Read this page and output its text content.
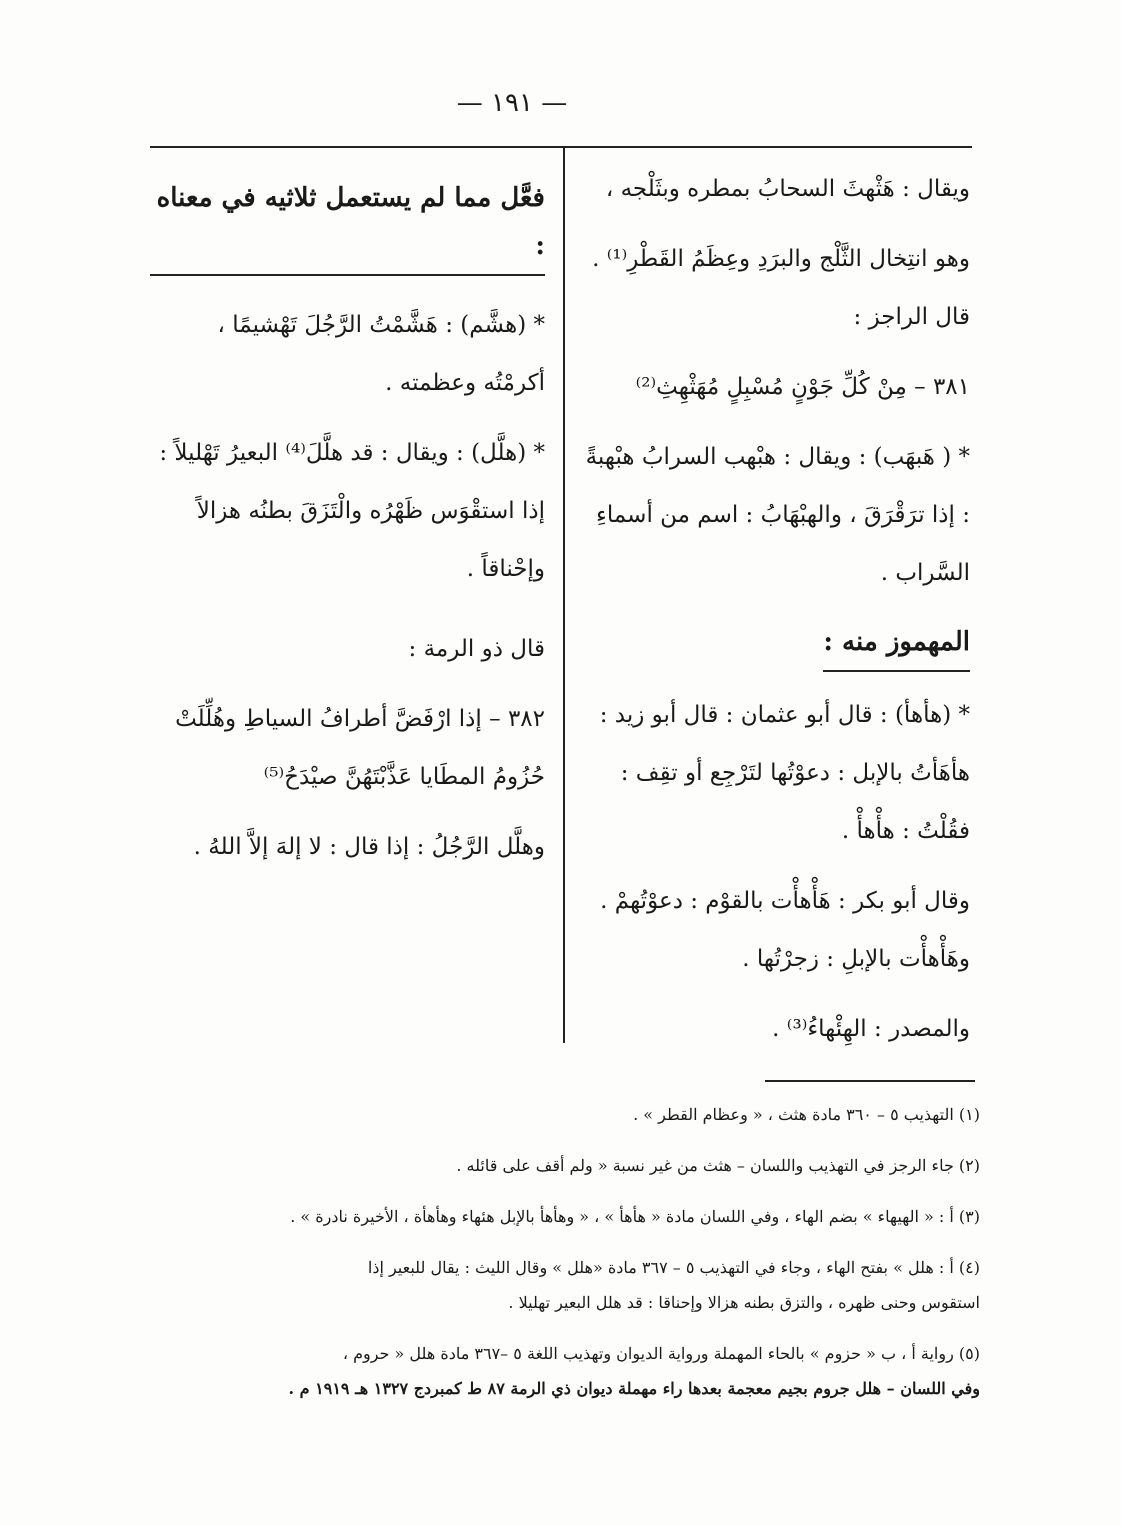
— ١٩١ —

ويقال : هَثْهثَ السحابُ بمطره وبثَلْجه ،

وهو انتِخال الثَّلْج والبرَدِ وعِظَمُ القَطْرِ⁽¹⁾ . قال الراجز :

٣٨١ – مِنْ كُلِّ جَوْنٍ مُسْبِلٍ مُهَثْهِثِ⁽²⁾

* ( هَبهَب) : ويقال : هبْهب السرابُ هبْهبةً : إذا ترَقْرَقَ ، والهبْهَابُ : اسم من أسماءِ السَّراب .

المهموز منه :

* (هأهأ) : قال أبو عثمان : قال أبو زيد : هأهَأتُ بالإبل : دعوْتُها لتَرْجِع أو تقِف : فقُلْتُ : هأْهأْ .

وقال أبو بكر : هَأْهأْت بالقوْم : دعوْتُهمْ . وهَأْهأْت بالإبلِ : زجرْتُها .

والمصدر : الهِئْهاءُ⁽³⁾ .

فعَّل مما لم يستعمل ثلاثيه في معناه :

* (هشَّم) : هَشَّمْتُ الرَّجُلَ تَهْشيمًا ، أكرمْتُه وعظمته .

* (هلَّل) : ويقال : قد هلَّلَ⁽⁴⁾ البعيرُ تَهْليلاً : إذا استقْوَس ظَهْرُه والْتَزَقَ بطنُه هزالاً وإحْناقاً .

قال ذو الرمة :

٣٨٢ – إذا ارْفَضَّ أطرافُ السياطِ وهُلِّلَتْ حُزُومُ المطَايا عَذَّبْتَهُنَّ صيْدَحُ⁽⁵⁾

وهلَّل الرَّجُلُ : إذا قال : لا إلهَ إلاَّ اللهُ .

(١) التهذيب ٥ – ٣٦٠ مادة هثث ، « وعظام القطر » .

(٢) جاء الرجز في التهذيب واللسان – هثث من غير نسبة « ولم أقف على قائله .

(٣) أ : « الهيهاء » بضم الهاء ، وفي اللسان مادة « هأهأ » ، « وهأهأ بالإبل هئهاء وهأهأة ، الأخيرة نادرة » .

(٤) أ : هلل » بفتح الهاء ، وجاء في التهذيب ٥ – ٣٦٧ مادة «هلل » وقال الليث : يقال للبعير إذا

استقوس وحنى ظهره ، والتزق بطنه هزالا وإحناقا : قد هلل البعير تهليلا .

(٥) رواية أ ، ب « حزوم » بالحاء المهملة ورواية الديوان وتهذيب اللغة ٥ –٣٦٧ مادة هلل « حروم ،

وفي اللسان – هلل جروم بجيم معجمة بعدها راء مهملة ديوان ذي الرمة ٨٧ ط كمبردج ١٣٢٧ هـ ١٩١٩ م .
